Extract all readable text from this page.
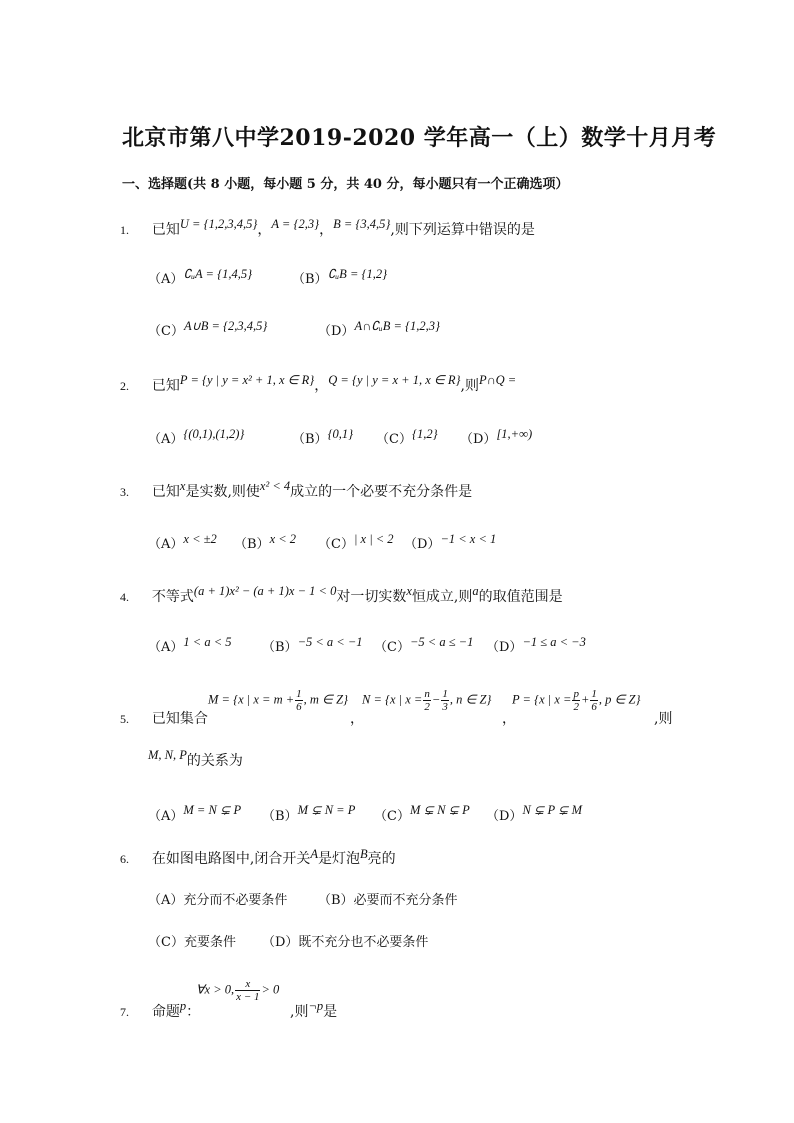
北京市第八中学2019-2020 学年高一（上）数学十月月考
一、选择题(共 8 小题，每小题 5 分，共 40 分，每小题只有一个正确选项）
1. 已知U = {1,2,3,4,5}，A = {2,3}，B = {3,4,5},则下列运算中错误的是
（A）∁ᵤA = {1,4,5}	（B）∁ᵤB = {1,2}
（C）A∪B = {2,3,4,5}	（D）A∩∁ᵤB = {1,2,3}
2. 已知P = {y | y = x² + 1, x ∈ R}，Q = {y | y = x + 1, x ∈ R},则P∩Q =
（A）{(0,1),(1,2)}	（B）{0,1} （C）{1,2} （D）[1,+∞)
3. 已知x是实数,则使x² < 4成立的一个必要不充分条件是
（A）x < ±2 （B）x < 2 （C）| x | < 2 （D）−1 < x < 1
4. 不等式(a + 1)x² − (a + 1)x − 1 < 0对一切实数x恒成立,则a的取值范围是
（A）1 < a < 5 （B）−5 < a < −1 （C）−5 < a ≤ −1 （D）−1 ≤ a < −3
5. 已知集合
M = {x | $x = m + \frac{1}{6}$ , m ∈ Z}
，
N = {x | $x = \frac{n}{2} - \frac{1}{3}$ , n ∈ Z}
，
P = {x | $x = \frac{p}{2} + \frac{1}{6}$ , p ∈ Z}
,则
M, N, P的关系为
（A）M = N ⊊ P （B）M ⊊ N = P （C）M ⊊ N ⊊ P （D）N ⊊ P ⊊ M
6. 在如图电路图中,闭合开关A是灯泡B亮的
（A）充分而不必要条件 （B）必要而不充分条件
（C）充要条件 （D）既不充分也不必要条件
7. 命题p：
∀x > 0, $\frac{x}{x - 1} > 0$
,则¬p是
